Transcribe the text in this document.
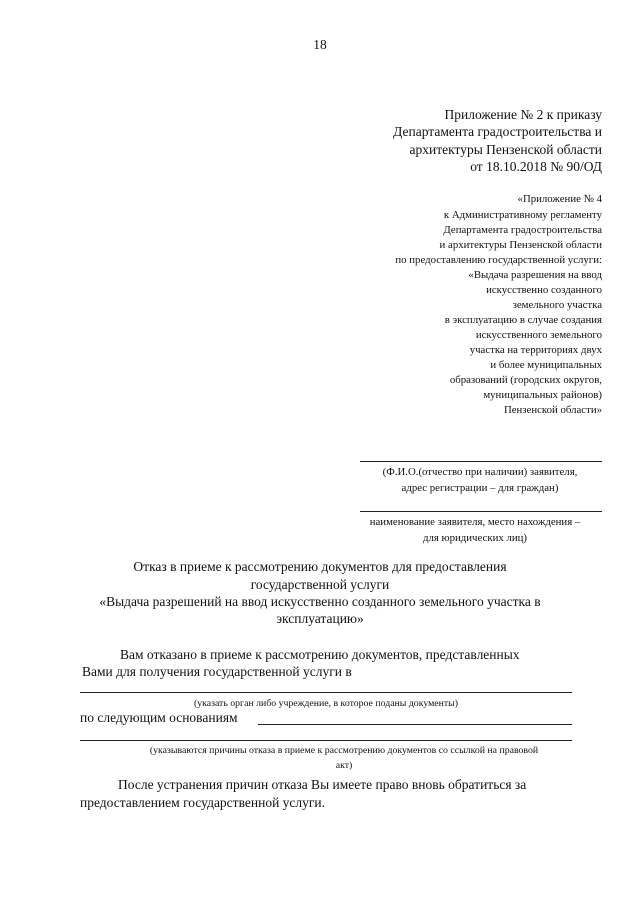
18
Приложение № 2 к приказу
Департамента градостроительства и
архитектуры Пензенской области
от 18.10.2018 № 90/ОД
«Приложение № 4
к Административному регламенту
Департамента градостроительства
и архитектуры Пензенской области
по предоставлению государственной услуги:
«Выдача разрешения на ввод
искусственно созданного
земельного участка
в эксплуатацию в случае создания
искусственного земельного
участка на территориях двух
и более муниципальных
образований (городских округов,
муниципальных районов)
Пензенской области»
(Ф.И.О.(отчество при наличии) заявителя,
адрес регистрации – для граждан)
наименование заявителя, место нахождения –
для юридических лиц)
Отказ в приеме к рассмотрению документов для предоставления
государственной услуги
«Выдача разрешений на ввод искусственно созданного земельного участка в
эксплуатацию»
Вам отказано в приеме к рассмотрению документов, представленных
Вами для получения государственной услуги в
(указать орган либо учреждение, в которое поданы документы)
по следующим основаниям
(указываются причины отказа в приеме к рассмотрению документов со ссылкой на правовой
акт)
После устранения причин отказа Вы имеете право вновь обратиться за
предоставлением государственной услуги.
